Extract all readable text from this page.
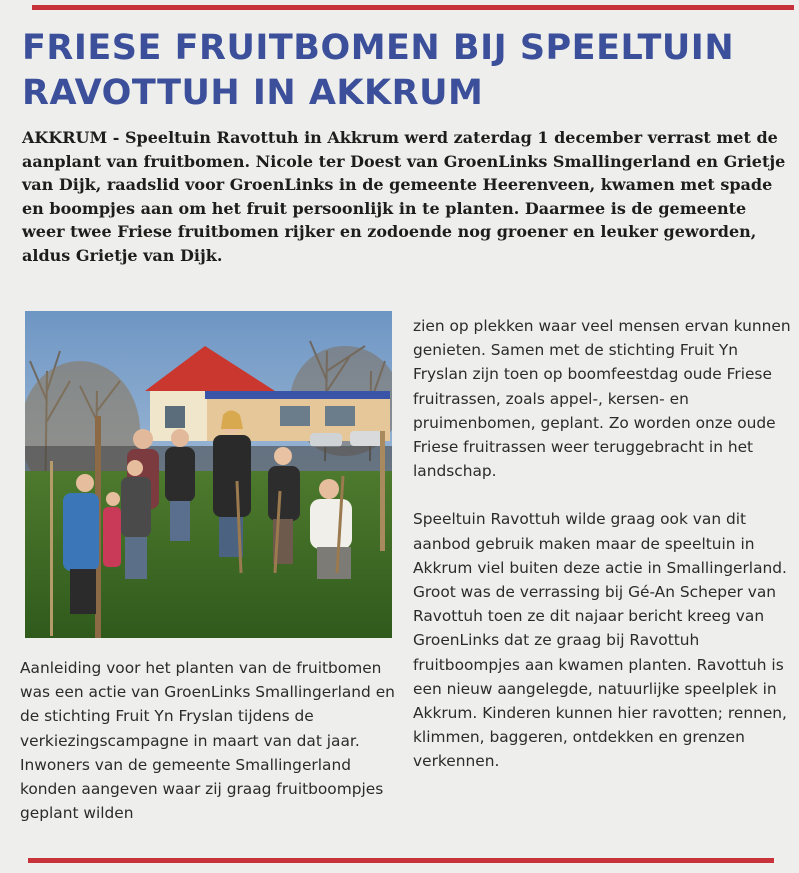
FRIESE FRUITBOMEN BIJ SPEELTUIN RAVOTTUH IN AKKRUM

AKKRUM - Speeltuin Ravottuh in Akkrum werd zaterdag 1 december verrast met de aanplant van fruitbomen. Nicole ter Doest van GroenLinks Smallingerland en Grietje van Dijk, raadslid voor GroenLinks in de gemeente Heerenveen, kwamen met spade en boompjes aan om het fruit persoonlijk in te planten. Daarmee is de gemeente weer twee Friese fruitbomen rijker en zodoende nog groener en leuker geworden, aldus Grietje van Dijk.

Aanleiding voor het planten van de fruitbomen was een actie van GroenLinks Smallingerland en de stichting Fruit Yn Fryslan tijdens de verkiezingscampagne in maart van dat jaar. Inwoners van de gemeente Smallingerland konden aangeven waar zij graag fruitboompjes geplant wilden

zien op plekken waar veel mensen ervan kunnen genieten. Samen met de stichting Fruit Yn Fryslan zijn toen op boomfeestdag oude Friese fruitrassen, zoals appel-, kersen- en pruimenbomen, geplant. Zo worden onze oude Friese fruitrassen weer teruggebracht in het landschap.

Speeltuin Ravottuh wilde graag ook van dit aanbod gebruik maken maar de speeltuin in Akkrum viel buiten deze actie in Smallingerland. Groot was de verrassing bij Gé-An Scheper van Ravottuh toen ze dit najaar bericht kreeg van GroenLinks dat ze graag bij Ravottuh fruitboompjes aan kwamen planten. Ravottuh is een nieuw aangelegde, natuurlijke speelplek in Akkrum. Kinderen kunnen hier ravotten; rennen, klimmen, baggeren, ontdekken en grenzen verkennen.
